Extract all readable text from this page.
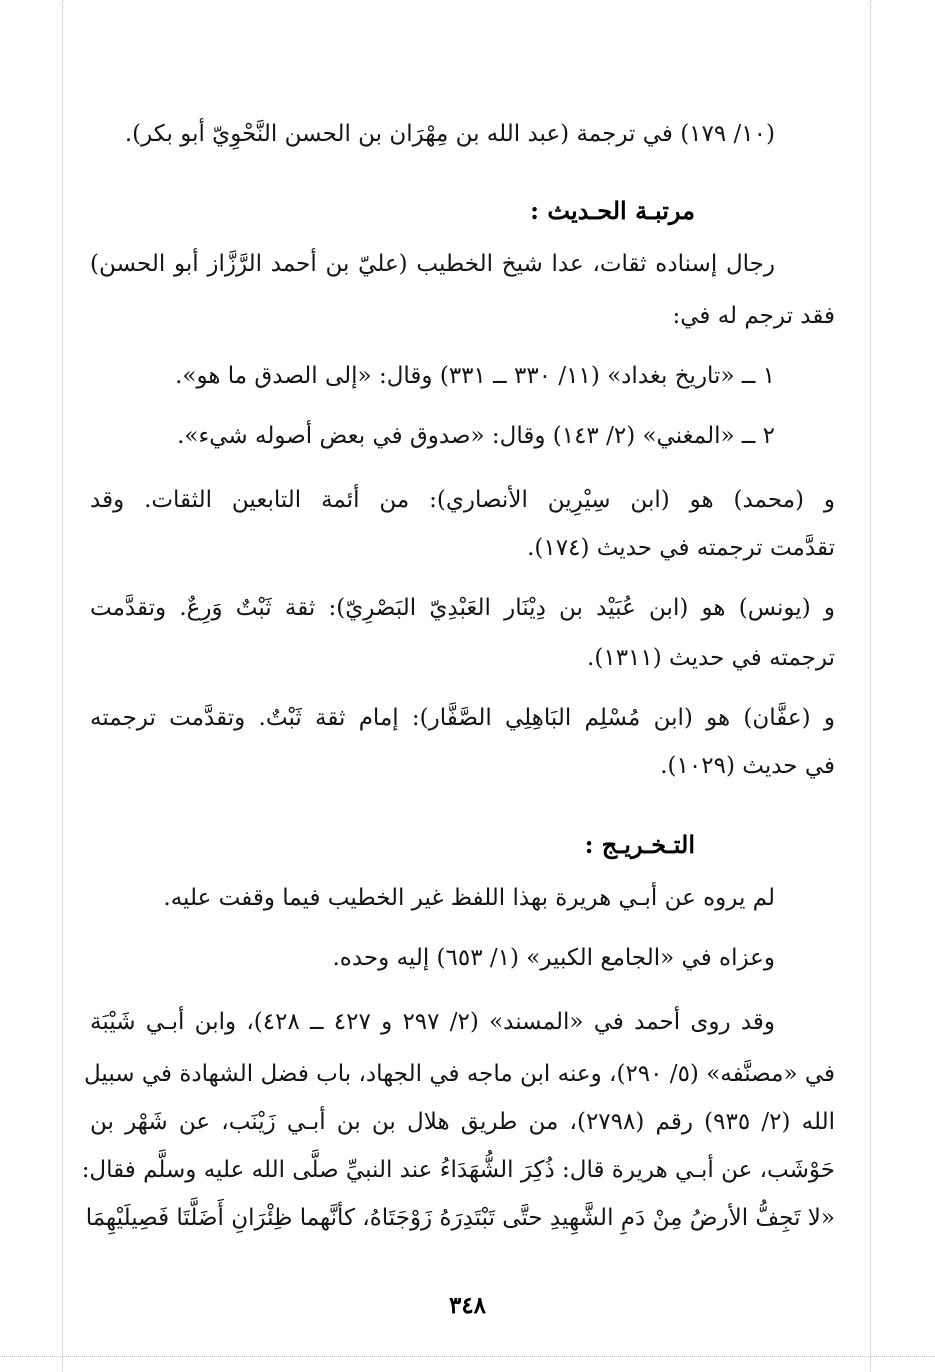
(١٠/ ١٧٩) في ترجمة (عبد الله بن مِهْرَان بن الحسن النَّحْوِيّ أبو بكر).
مرتبـة الحـديث :
رجال إسناده ثقات، عدا شيخ الخطيب (عليّ بن أحمد الرَّزَّاز أبو الحسن)
فقد ترجم له في:
١ ــ «تاريخ بغداد» (١١/ ٣٣٠ ــ ٣٣١) وقال: «إلى الصدق ما هو».
٢ ــ «المغني» (٢/ ١٤٣) وقال: «صدوق في بعض أصوله شيء».
و (محمد) هو (ابن سِيْرِين الأنصاري): من أئمة التابعين الثقات. وقد
تقدَّمت ترجمته في حديث (١٧٤).
و (يونس) هو (ابن عُبَيْد بن دِيْنَار العَبْدِيّ البَصْرِيّ): ثقة ثَبْتٌ وَرِعٌ. وتقدَّمت
ترجمته في حديث (١٣١١).
و (عفَّان) هو (ابن مُسْلِم البَاهِلِي الصَّفَّار): إمام ثقة ثَبْتٌ. وتقدَّمت ترجمته
في حديث (١٠٢٩).
التـخـريـج :
لم يروه عن أبـي هريرة بهذا اللفظ غير الخطيب فيما وقفت عليه.
وعزاه في «الجامع الكبير» (١/ ٦٥٣) إليه وحده.
وقد روى أحمد في «المسند» (٢/ ٢٩٧ و ٤٢٧ ــ ٤٢٨)، وابن أبـي شَيْبَة
في «مصنَّفه» (٥/ ٢٩٠)، وعنه ابن ماجه في الجهاد، باب فضل الشهادة في سبيل
الله (٢/ ٩٣٥) رقم (٢٧٩٨)، من طريق هلال بن بن أبـي زَيْنَب، عن شَهْر بن
حَوْشَب، عن أبـي هريرة قال: ذُكِرَ الشُّهَدَاءُ عند النبيِّ صلَّى الله عليه وسلَّم فقال:
«لا تَجِفُّ الأرضُ مِنْ دَمِ الشَّهِيدِ حتَّى تَبْتَدِرَهُ زَوْجَتَاهُ، كأنَّهما ظِئْرَانِ أَضَلَّتَا فَصِيلَيْهِمَا
٣٤٨
